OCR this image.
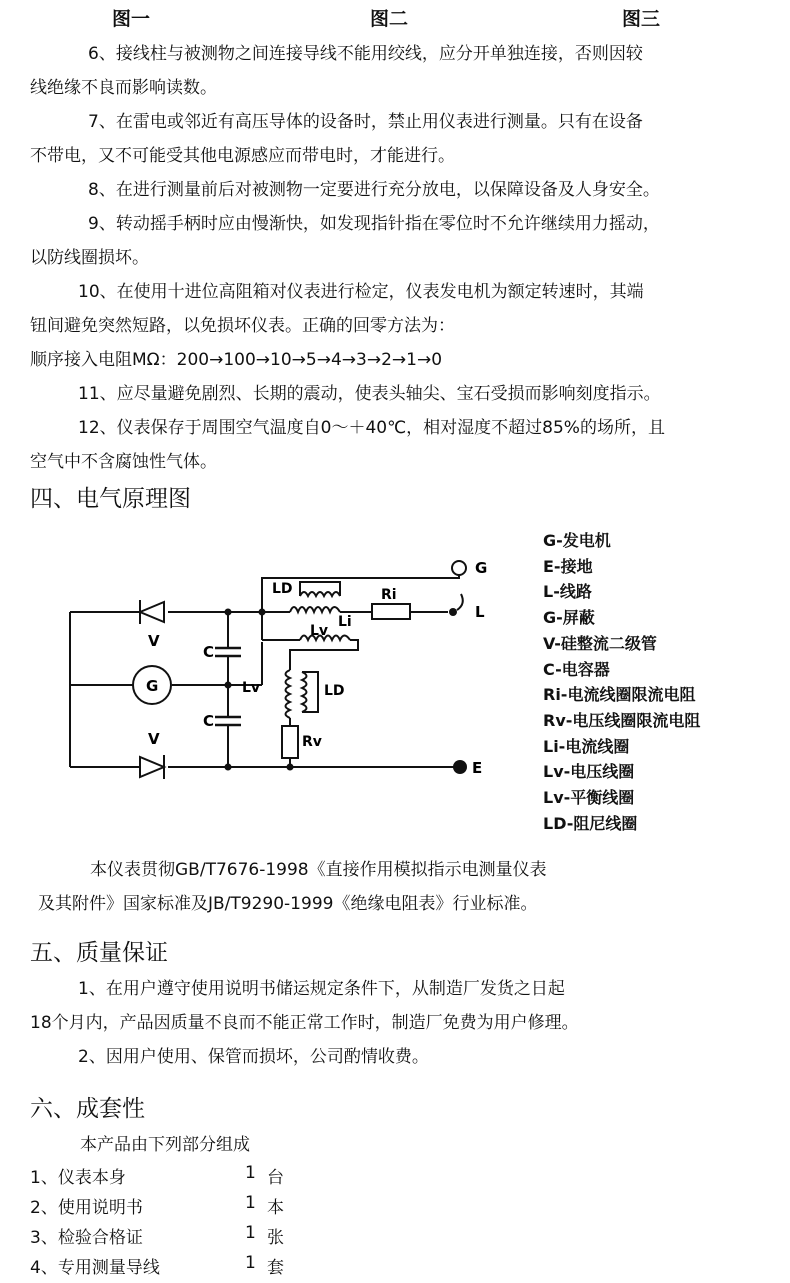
图一	图二	图三

6、接线柱与被测物之间连接导线不能用绞线，应分开单独连接，否则因较

线绝缘不良而影响读数。

7、在雷电或邻近有高压导体的设备时，禁止用仪表进行测量。只有在设备

不带电，又不可能受其他电源感应而带电时，才能进行。

8、在进行测量前后对被测物一定要进行充分放电，以保障设备及人身安全。

9、转动摇手柄时应由慢渐快，如发现指针指在零位时不允许继续用力摇动，

以防线圈损坏。

10、在使用十进位高阻箱对仪表进行检定，仪表发电机为额定转速时，其端

钮间避免突然短路，以免损坏仪表。正确的回零方法为：

顺序接入电阻MΩ：200→100→10→5→4→3→2→1→0

11、应尽量避免剧烈、长期的震动，使表头轴尖、宝石受损而影响刻度指示。

12、仪表保存于周围空气温度自0～＋40℃，相对湿度不超过85%的场所，且

空气中不含腐蚀性气体。

四、电气原理图
G
L
E
G
V
V
C
C
Lv
LD	Ri
Li
Lv
LD
Rv
G-发电机
E-接地
L-线路
G-屏蔽
V-硅整流二级管
C-电容器
Ri-电流线圈限流电阻
Rv-电压线圈限流电阻
Li-电流线圈
Lv-电压线圈
Lv-平衡线圈
LD-阻尼线圈

本仪表贯彻GB/T7676-1998《直接作用模拟指示电测量仪表

及其附件》国家标准及JB/T9290-1999《绝缘电阻表》行业标准。

五、质量保证

1、在用户遵守使用说明书储运规定条件下，从制造厂发货之日起

18个月内，产品因质量不良而不能正常工作时，制造厂免费为用户修理。

2、因用户使用、保管而损坏，公司酌情收费。

六、成套性
本产品由下列部分组成
1、仪表本身	1 台
2、使用说明书	1 本
3、检验合格证	1 张
4、专用测量导线	1 套
